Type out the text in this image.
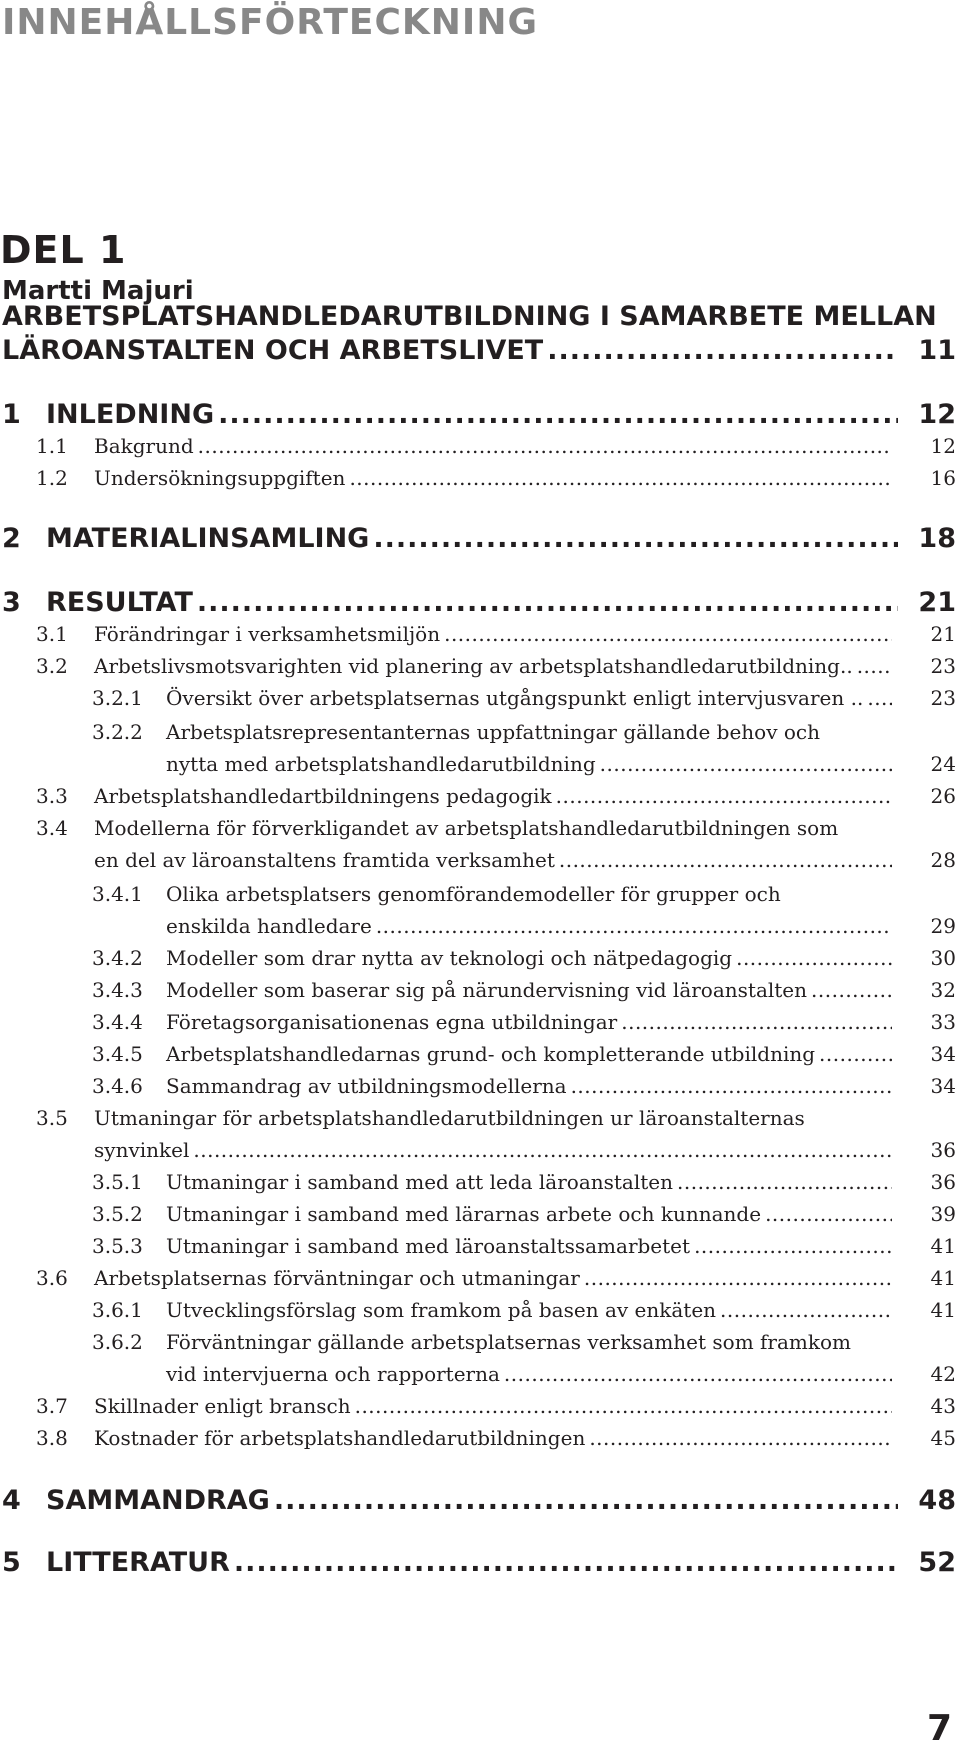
INNEHÅLLSFÖRTECKNING
DEL 1
Martti Majuri
ARBETSPLATSHANDLEDARUTBILDNING I SAMARBETE MELLAN
LÄROANSTALTEN OCH ARBETSLIVET	11
.....
1 INLEDNING	12
.....
1.1 Bakgrund	12
.....
1.2 Undersökningsuppgiften	16
.....
2 MATERIALINSAMLING	18
.....
3 RESULTAT	21
.....
3.1 Förändringar i verksamhetsmiljön	21
.....
3.2 Arbetslivsmotsvarighten vid planering av arbetsplatshandledarutbildning..	23
.....
3.2.1 Översikt över arbetsplatsernas utgångspunkt enligt intervjusvaren ..	23
.....
3.2.2 Arbetsplatsrepresentanternas uppfattningar gällande behov och
nytta med arbetsplatshandledarutbildning	24
.....
3.3 Arbetsplatshandledartbildningens pedagogik	26
.....
3.4 Modellerna för förverkligandet av arbetsplatshandledarutbildningen som
en del av läroanstaltens framtida verksamhet	28
.....
3.4.1 Olika arbetsplatsers genomförandemodeller för grupper och
enskilda handledare	29
.....
3.4.2 Modeller som drar nytta av teknologi och nätpedagogig	30
.....
3.4.3 Modeller som baserar sig på närundervisning vid läroanstalten	32
.....
3.4.4 Företagsorganisationenas egna utbildningar	33
.....
3.4.5 Arbetsplatshandledarnas grund- och kompletterande utbildning	34
.....
3.4.6 Sammandrag av utbildningsmodellerna	34
.....
3.5 Utmaningar för arbetsplatshandledarutbildningen ur läroanstalternas
synvinkel	36
.....
3.5.1 Utmaningar i samband med att leda läroanstalten	36
.....
3.5.2 Utmaningar i samband med lärarnas arbete och kunnande	39
.....
3.5.3 Utmaningar i samband med läroanstaltssamarbetet	41
.....
3.6 Arbetsplatsernas förväntningar och utmaningar	41
.....
3.6.1 Utvecklingsförslag som framkom på basen av enkäten	41
.....
3.6.2 Förväntningar gällande arbetsplatsernas verksamhet som framkom
vid intervjuerna och rapporterna	42
.....
3.7 Skillnader enligt bransch	43
.....
3.8 Kostnader för arbetsplatshandledarutbildningen	45
.....
4 SAMMANDRAG	48
.....
5 LITTERATUR	52
.....
7
